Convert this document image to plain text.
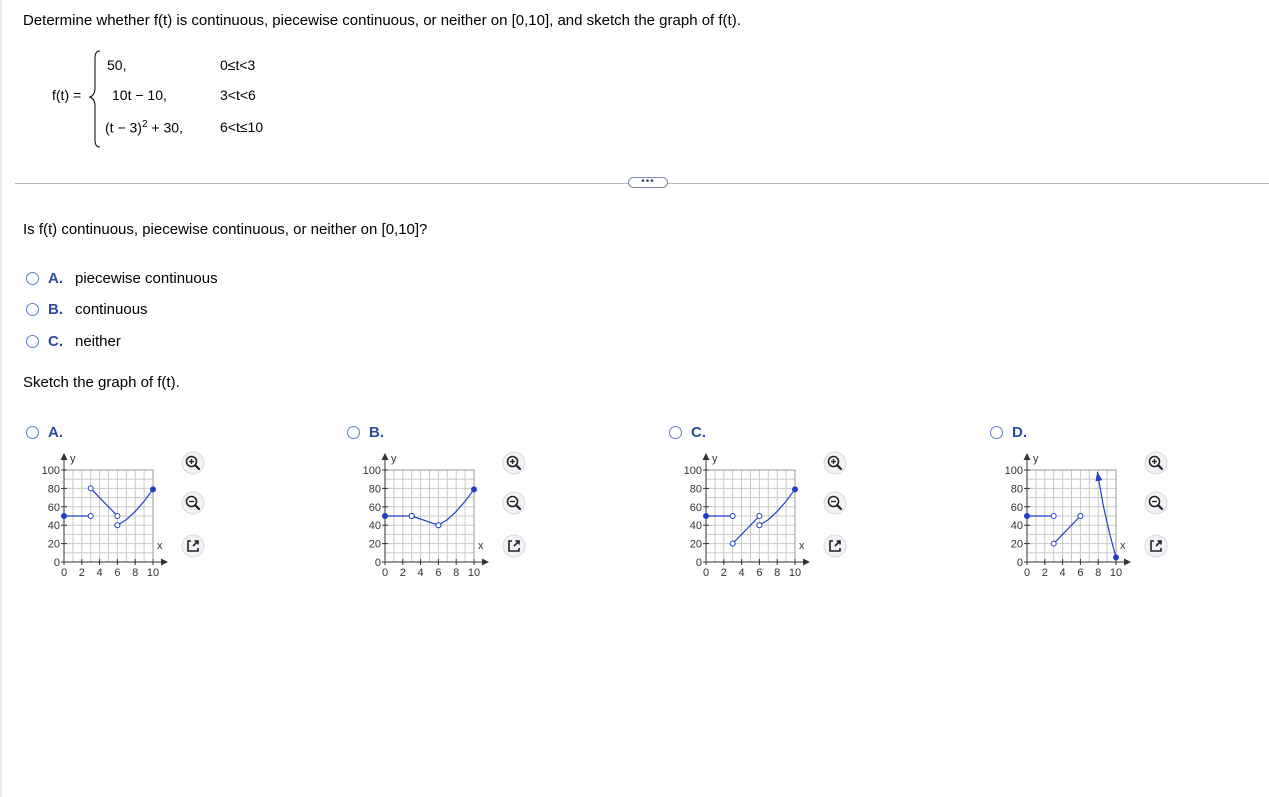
Determine whether f(t) is continuous, piecewise continuous, or neither on [0,10], and sketch the graph of f(t).
f(t) =
50,	0≤t<3
10t − 10,	3<t<6
$(t - 3)^2 + 30$,	6<t≤10
•••
Is f(t) continuous, piecewise continuous, or neither on [0,10]?
A. piecewise continuous
B. continuous
C. neither
Sketch the graph of f(t).
A.	B.	C.	D.
x
y
0 2 4 6 8 10
0
20
40
60
80
100
x
y
0 2 4 6 8 10
0
20
40
60
80
100
x
y
0 2 4 6 8 10
0
20
40
60
80
100
x
y
0 2 4 6 8 10
0
20
40
60
80
100
